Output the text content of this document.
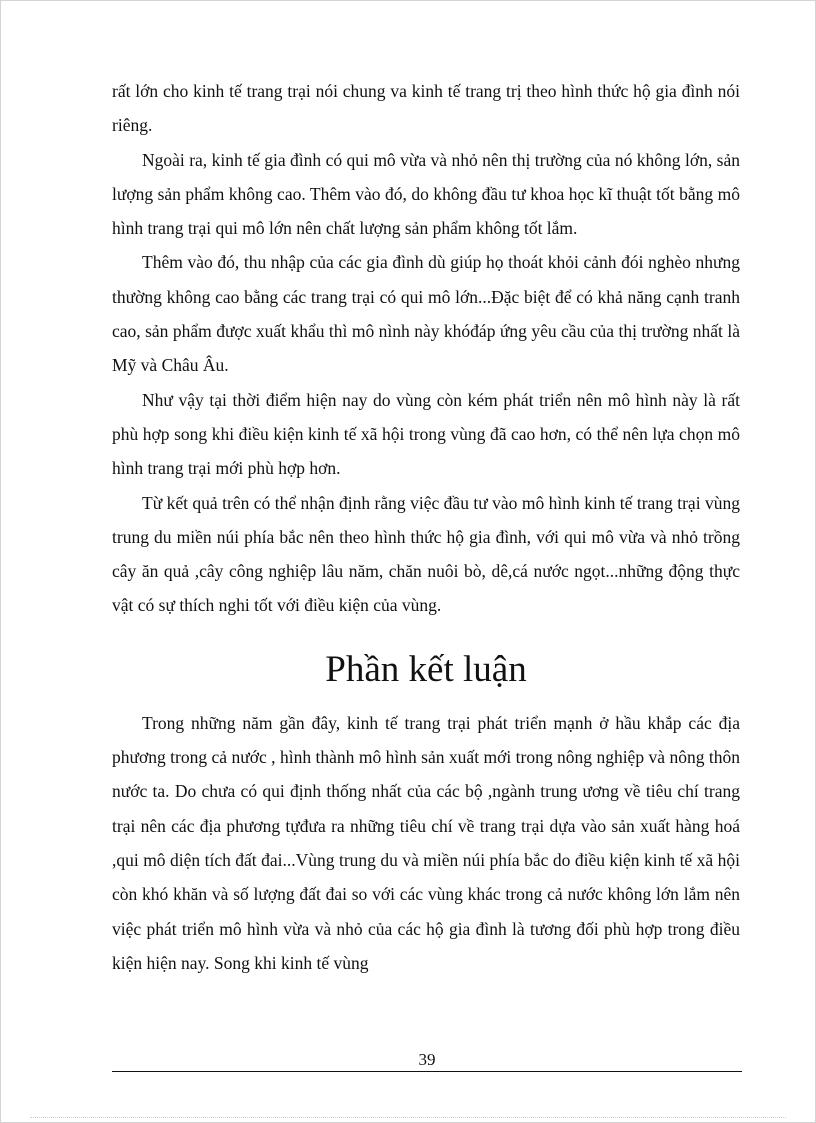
rất lớn cho kinh tế trang trại nói chung va kinh tế trang trị theo hình thức hộ gia đình nói riêng.

Ngoài ra, kinh tế gia đình có qui mô vừa và nhỏ nên thị trường của nó không lớn, sản lượng sản phẩm không cao. Thêm vào đó, do không đầu tư khoa học kĩ thuật tốt bằng mô hình trang trại qui mô lớn nên chất lượng sản phẩm không tốt lắm.

Thêm vào đó, thu nhập của các gia đình dù giúp họ thoát khỏi cảnh đói nghèo nhưng thường không cao bằng các trang trại có qui mô lớn...Đặc biệt để có khả năng cạnh tranh cao, sản phẩm được xuất khẩu thì mô nình này khóđáp ứng yêu cầu của thị trường nhất là Mỹ và Châu Âu.

Như vậy tại thời điểm hiện nay do vùng còn kém phát triển nên mô hình này là rất phù hợp song khi điều kiện kinh tế xã hội trong vùng đã cao hơn, có thể nên lựa chọn mô hình trang trại mới phù hợp hơn.

Từ kết quả trên có thể nhận định rằng việc đầu tư vào mô hình kinh tế trang trại vùng trung du miền núi phía bắc nên theo hình thức hộ gia đình, với qui mô vừa và nhỏ trồng cây ăn quả ,cây công nghiệp lâu năm, chăn nuôi bò, dê,cá nước ngọt...những động thực vật có sự thích nghi tốt với điều kiện của vùng.

Phần kết luận

Trong những năm gần đây, kinh tế trang trại phát triển mạnh ở hầu khắp các địa phương trong cả nước , hình thành mô hình sản xuất mới trong nông nghiệp và nông thôn nước ta. Do chưa có qui định thống nhất của các bộ ,ngành trung ương về tiêu chí trang trại nên các địa phương tựđưa ra những tiêu chí về trang trại dựa vào sản xuất hàng hoá ,qui mô diện tích đất đai...Vùng trung du và miền núi phía bắc do điều kiện kinh tế xã hội còn khó khăn và số lượng đất đai so với các vùng khác trong cả nước không lớn lắm nên việc phát triển mô hình vừa và nhỏ của các hộ gia đình là tương đối phù hợp trong điều kiện hiện nay. Song khi kinh tế vùng

39
